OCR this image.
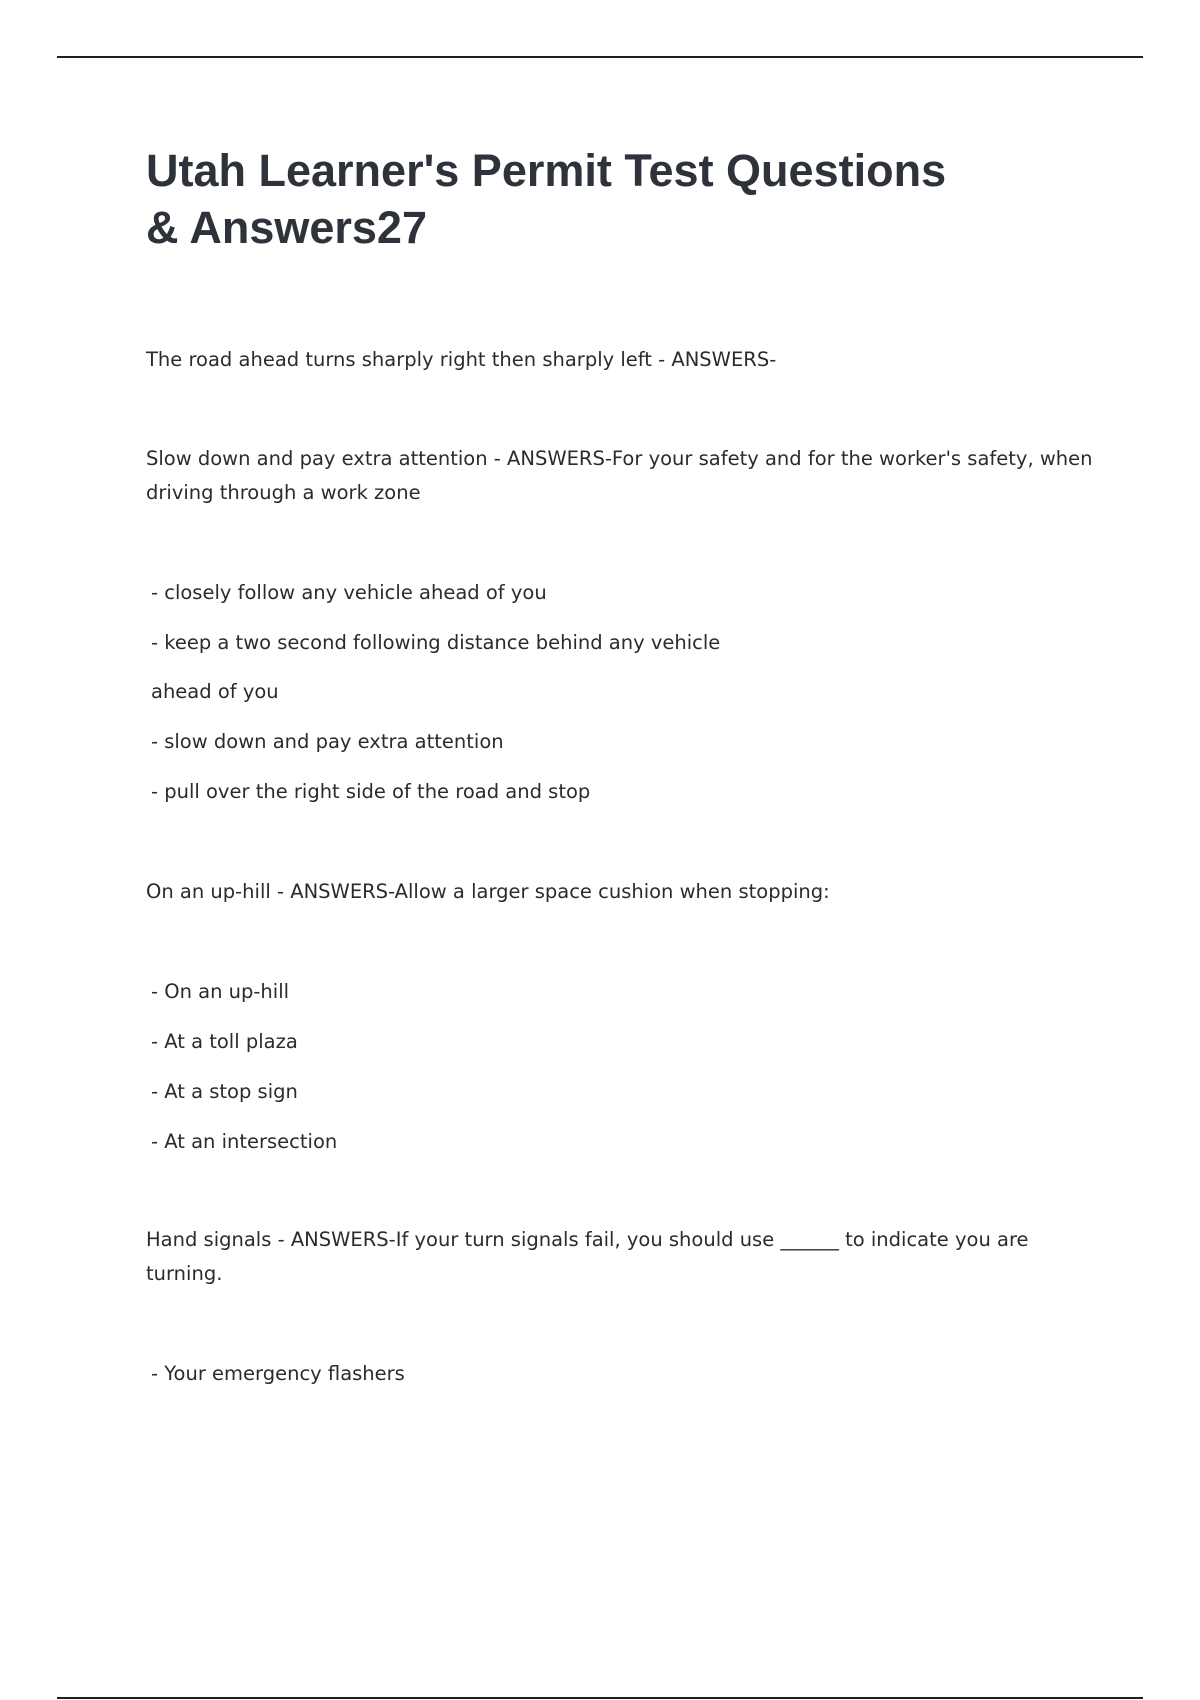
Utah Learner's Permit Test Questions
& Answers27

The road ahead turns sharply right then sharply left - ANSWERS-

Slow down and pay extra attention - ANSWERS-For your safety and for the worker's safety, when driving through a work zone

- closely follow any vehicle ahead of you

- keep a two second following distance behind any vehicle

ahead of you

- slow down and pay extra attention

- pull over the right side of the road and stop

On an up-hill - ANSWERS-Allow a larger space cushion when stopping:

- On an up-hill

- At a toll plaza

- At a stop sign

- At an intersection

Hand signals - ANSWERS-If your turn signals fail, you should use ______ to indicate you are turning.

- Your emergency flashers
